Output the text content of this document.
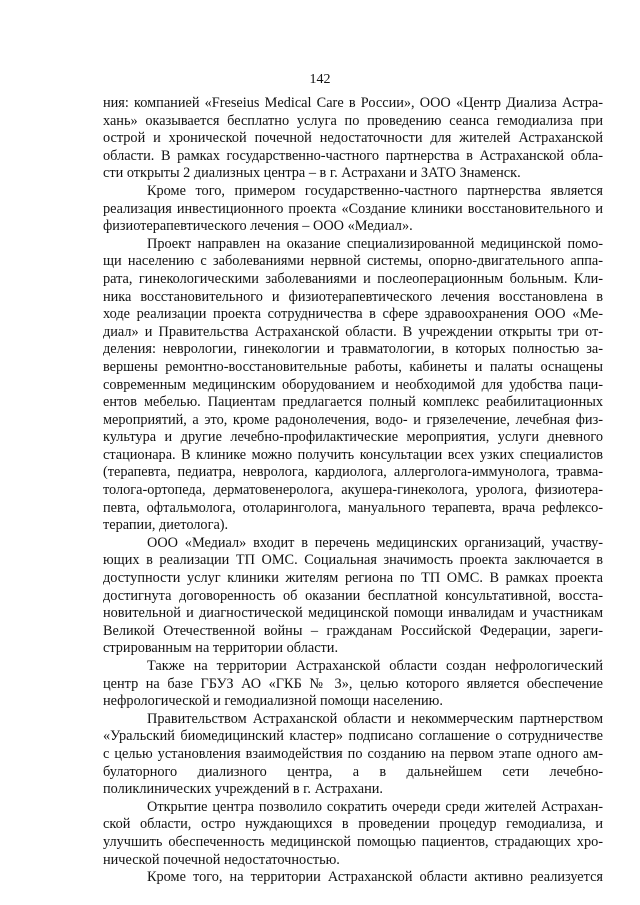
142

ния: компанией «Freseius Medical Care в России», ООО «Центр Диализа Астра-
хань» оказывается бесплатно услуга по проведению сеанса гемодиализа при
острой и хронической почечной недостаточности для жителей Астраханской
области. В рамках государственно-частного партнерства в Астраханской обла-
сти открыты 2 диализных центра – в г. Астрахани и ЗАТО Знаменск.

Кроме того, примером государственно-частного партнерства является
реализация инвестиционного проекта «Создание клиники восстановительного и
физиотерапевтического лечения – ООО «Медиал».

Проект направлен на оказание специализированной медицинской помо-
щи населению с заболеваниями нервной системы, опорно-двигательного аппа-
рата, гинекологическими заболеваниями и послеоперационным больным. Кли-
ника восстановительного и физиотерапевтического лечения восстановлена в
ходе реализации проекта сотрудничества в сфере здравоохранения ООО «Ме-
диал» и Правительства Астраханской области. В учреждении открыты три от-
деления: неврологии, гинекологии и травматологии, в которых полностью за-
вершены ремонтно-восстановительные работы, кабинеты и палаты оснащены
современным медицинским оборудованием и необходимой для удобства паци-
ентов мебелью. Пациентам предлагается полный комплекс реабилитационных
мероприятий, а это, кроме радонолечения, водо- и грязелечение, лечебная физ-
культура и другие лечебно-профилактические мероприятия, услуги дневного
стационара. В клинике можно получить консультации всех узких специалистов
(терапевта, педиатра, невролога, кардиолога, аллерголога-иммунолога, травма-
толога-ортопеда, дерматовенеролога, акушера-гинеколога, уролога, физиотера-
певта, офтальмолога, отоларинголога, мануального терапевта, врача рефлексо-
терапии, диетолога).

ООО «Медиал» входит в перечень медицинских организаций, участву-
ющих в реализации ТП ОМС. Социальная значимость проекта заключается в
доступности услуг клиники жителям региона по ТП ОМС. В рамках проекта
достигнута договоренность об оказании бесплатной консультативной, восста-
новительной и диагностической медицинской помощи инвалидам и участникам
Великой Отечественной войны – гражданам Российской Федерации, зареги-
стрированным на территории области.

Также на территории Астраханской области создан нефрологический
центр на базе ГБУЗ АО «ГКБ № 3», целью которого является обеспечение
нефрологической и гемодиализной помощи населению.

Правительством Астраханской области и некоммерческим партнерством
«Уральский биомедицинский кластер» подписано соглашение о сотрудничестве
с целью установления взаимодействия по созданию на первом этапе одного ам-
булаторного диализного центра, а в дальнейшем сети лечебно-
поликлинических учреждений в г. Астрахани.

Открытие центра позволило сократить очереди среди жителей Астрахан-
ской области, остро нуждающихся в проведении процедур гемодиализа, и
улучшить обеспеченность медицинской помощью пациентов, страдающих хро-
нической почечной недостаточностью.

Кроме того, на территории Астраханской области активно реализуется
